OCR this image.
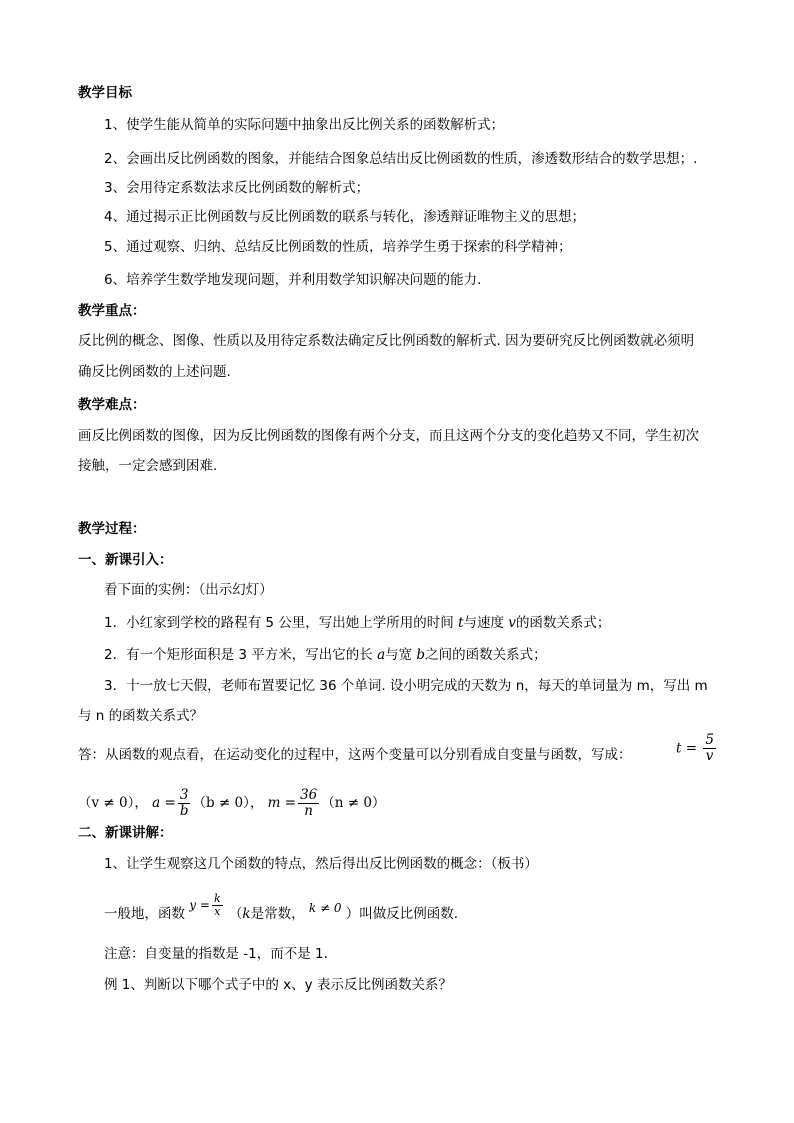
教学目标
1、使学生能从简单的实际问题中抽象出反比例关系的函数解析式；
2、会画出反比例函数的图象，并能结合图象总结出反比例函数的性质，渗透数形结合的数学思想；.
3、会用待定系数法求反比例函数的解析式；
4、通过揭示正比例函数与反比例函数的联系与转化，渗透辩证唯物主义的思想；
5、通过观察、归纳、总结反比例函数的性质，培养学生勇于探索的科学精神；
6、培养学生数学地发现问题，并利用数学知识解决问题的能力.
教学重点：
反比例的概念、图像、性质以及用待定系数法确定反比例函数的解析式. 因为要研究反比例函数就必须明
确反比例函数的上述问题.
教学难点：
画反比例函数的图像，因为反比例函数的图像有两个分支，而且这两个分支的变化趋势又不同，学生初次
接触，一定会感到困难.
教学过程：
一、新课引入：
看下面的实例：（出示幻灯）
1．小红家到学校的路程有 5 公里，写出她上学所用的时间 t与速度 v的函数关系式；
2．有一个矩形面积是 3 平方米，写出它的长 a与宽 b之间的函数关系式；
3．十一放七天假，老师布置要记忆 36 个单词. 设小明完成的天数为 n，每天的单词量为 m，写出 m
与 n 的函数关系式？
答：从函数的观点看，在运动变化的过程中，这两个变量可以分别看成自变量与函数，写成：	$t = \frac{5}{v}$
（v ≠ 0）， $a = \frac{3}{b} (b \ne 0)$， $m = \frac{36}{n} (n \ne 0)$
二、新课讲解：
1、让学生观察这几个函数的特点，然后得出反比例函数的概念：（板书）
一般地，函数 $y = \frac{k}{x} (k$是常数， k ≠ 0 ）叫做反比例函数.
注意：自变量的指数是 -1，而不是 1.
例 1、判断以下哪个式子中的 x、y 表示反比例函数关系？
